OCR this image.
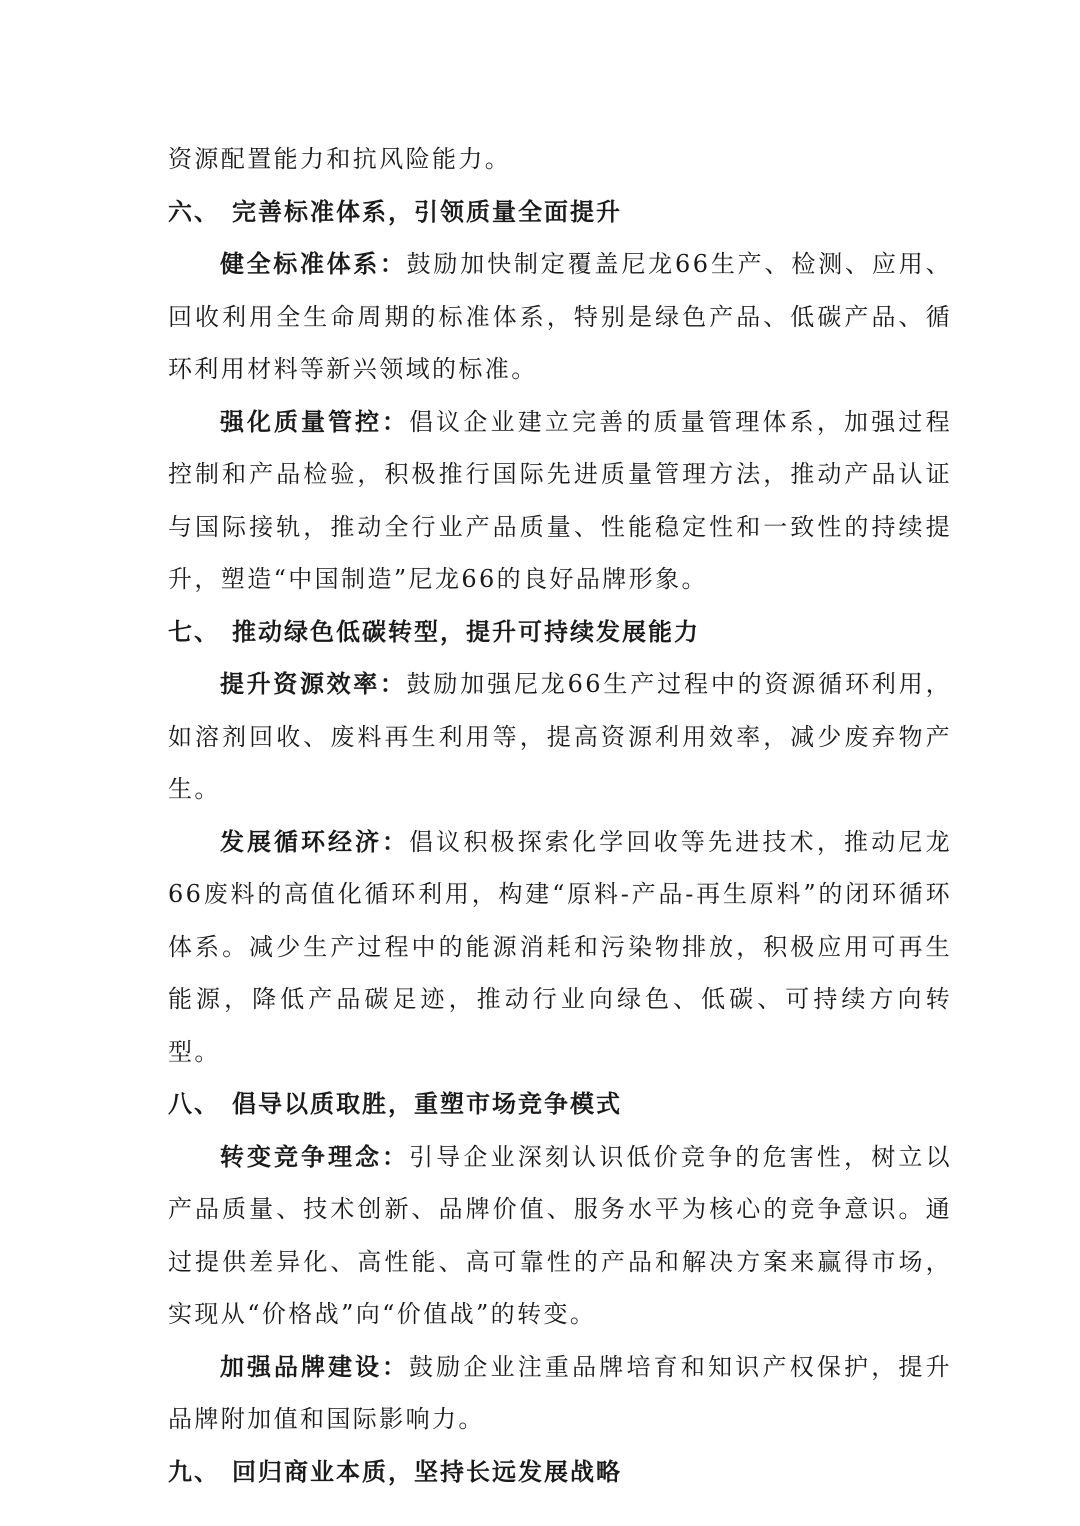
资源配置能力和抗风险能力。

六、 完善标准体系，引领质量全面提升

健全标准体系：鼓励加快制定覆盖尼龙66生产、检测、应用、回收利用全生命周期的标准体系，特别是绿色产品、低碳产品、循环利用材料等新兴领域的标准。

强化质量管控：倡议企业建立完善的质量管理体系，加强过程控制和产品检验，积极推行国际先进质量管理方法，推动产品认证与国际接轨，推动全行业产品质量、性能稳定性和一致性的持续提升，塑造“中国制造”尼龙66的良好品牌形象。

七、 推动绿色低碳转型，提升可持续发展能力

提升资源效率：鼓励加强尼龙66生产过程中的资源循环利用，如溶剂回收、废料再生利用等，提高资源利用效率，减少废弃物产生。

发展循环经济：倡议积极探索化学回收等先进技术，推动尼龙66废料的高值化循环利用，构建“原料-产品-再生原料”的闭环循环体系。减少生产过程中的能源消耗和污染物排放，积极应用可再生能源，降低产品碳足迹，推动行业向绿色、低碳、可持续方向转型。

八、 倡导以质取胜，重塑市场竞争模式

转变竞争理念：引导企业深刻认识低价竞争的危害性，树立以产品质量、技术创新、品牌价值、服务水平为核心的竞争意识。通过提供差异化、高性能、高可靠性的产品和解决方案来赢得市场，实现从“价格战”向“价值战”的转变。

加强品牌建设：鼓励企业注重品牌培育和知识产权保护，提升品牌附加值和国际影响力。

九、 回归商业本质，坚持长远发展战略
